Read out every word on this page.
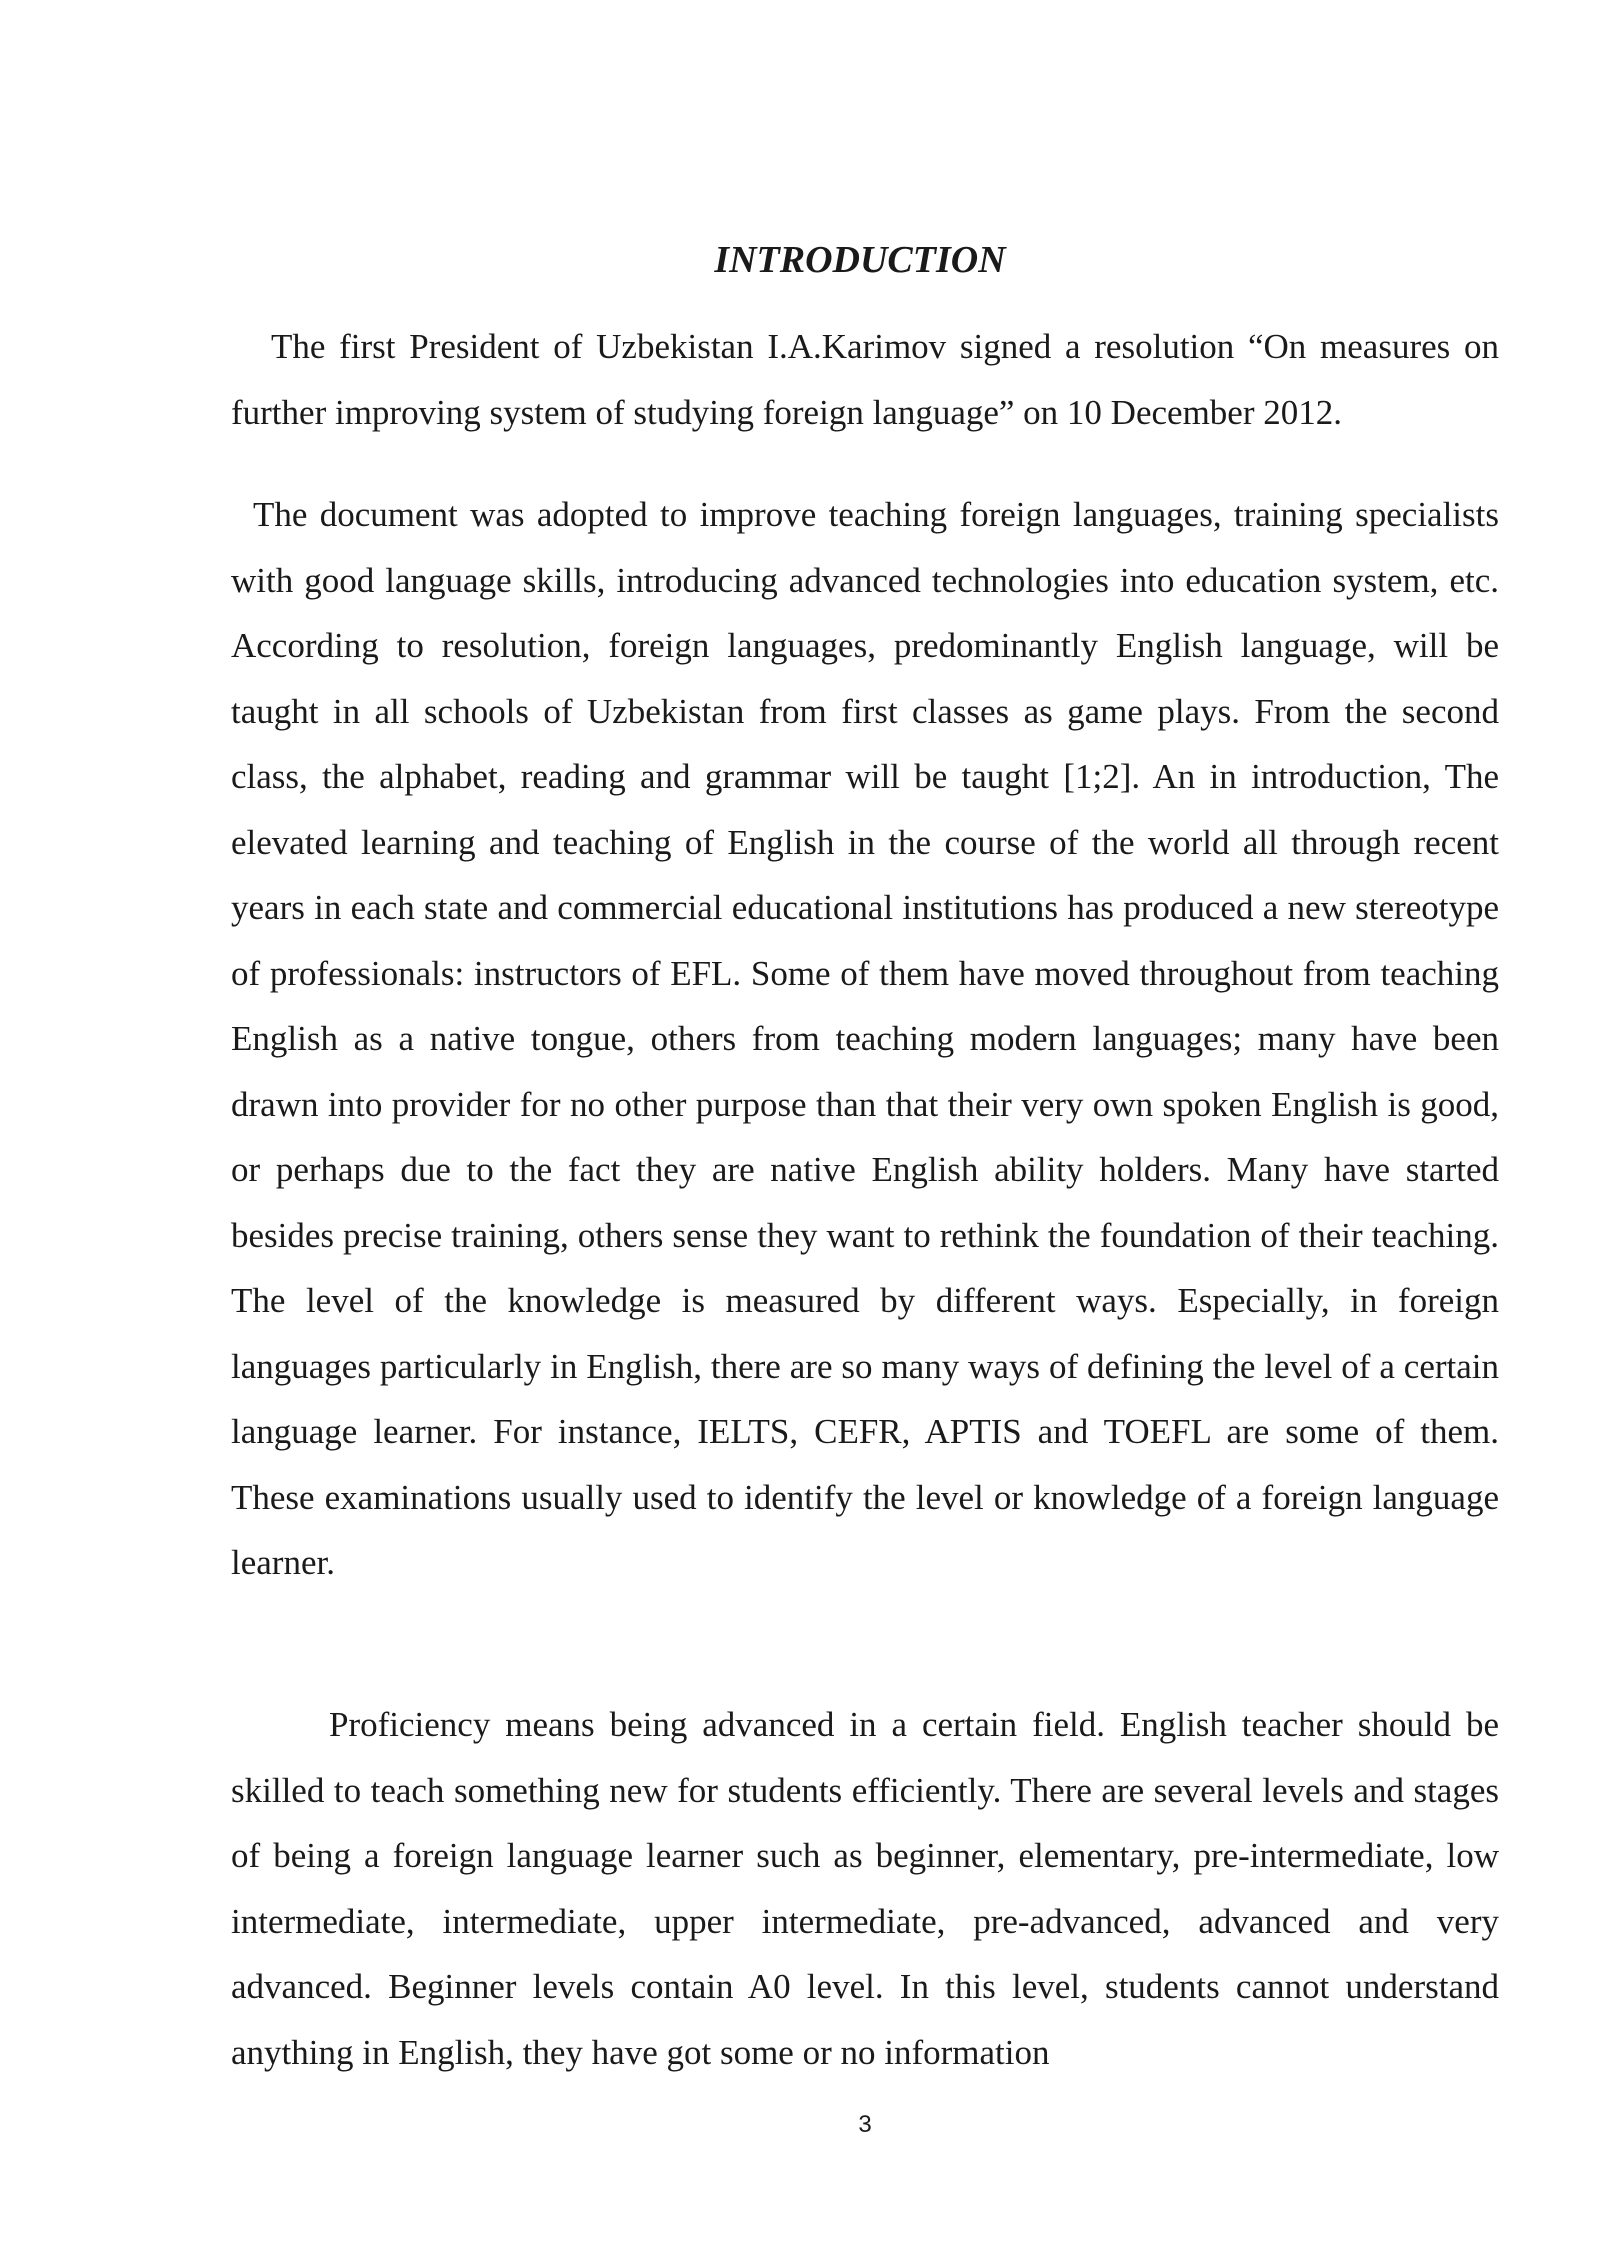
INTRODUCTION

The first President of Uzbekistan I.A.Karimov signed a resolution “On measures on further improving system of studying foreign language” on 10 December 2012.

The document was adopted to improve teaching foreign languages, training specialists with good language skills, introducing advanced technologies into education system, etc. According to resolution, foreign languages, predominantly English language, will be taught in all schools of Uzbekistan from first classes as game plays. From the second class, the alphabet, reading and grammar will be taught [1;2]. An in introduction, The elevated learning and teaching of English in the course of the world all through recent years in each state and commercial educational institutions has produced a new stereotype of professionals: instructors of EFL. Some of them have moved throughout from teaching English as a native tongue, others from teaching modern languages; many have been drawn into provider for no other purpose than that their very own spoken English is good, or perhaps due to the fact they are native English ability holders. Many have started besides precise training, others sense they want to rethink the foundation of their teaching. The level of the knowledge is measured by different ways. Especially, in foreign languages particularly in English, there are so many ways of defining the level of a certain language learner. For instance, IELTS, CEFR, APTIS and TOEFL are some of them. These examinations usually used to identify the level or knowledge of a foreign language learner.

Proficiency means being advanced in a certain field. English teacher should be skilled to teach something new for students efficiently. There are several levels and stages of being a foreign language learner such as beginner, elementary, pre-intermediate, low intermediate, intermediate, upper intermediate, pre-advanced, advanced and very advanced. Beginner levels contain A0 level. In this level, students cannot understand anything in English, they have got some or no information

3
